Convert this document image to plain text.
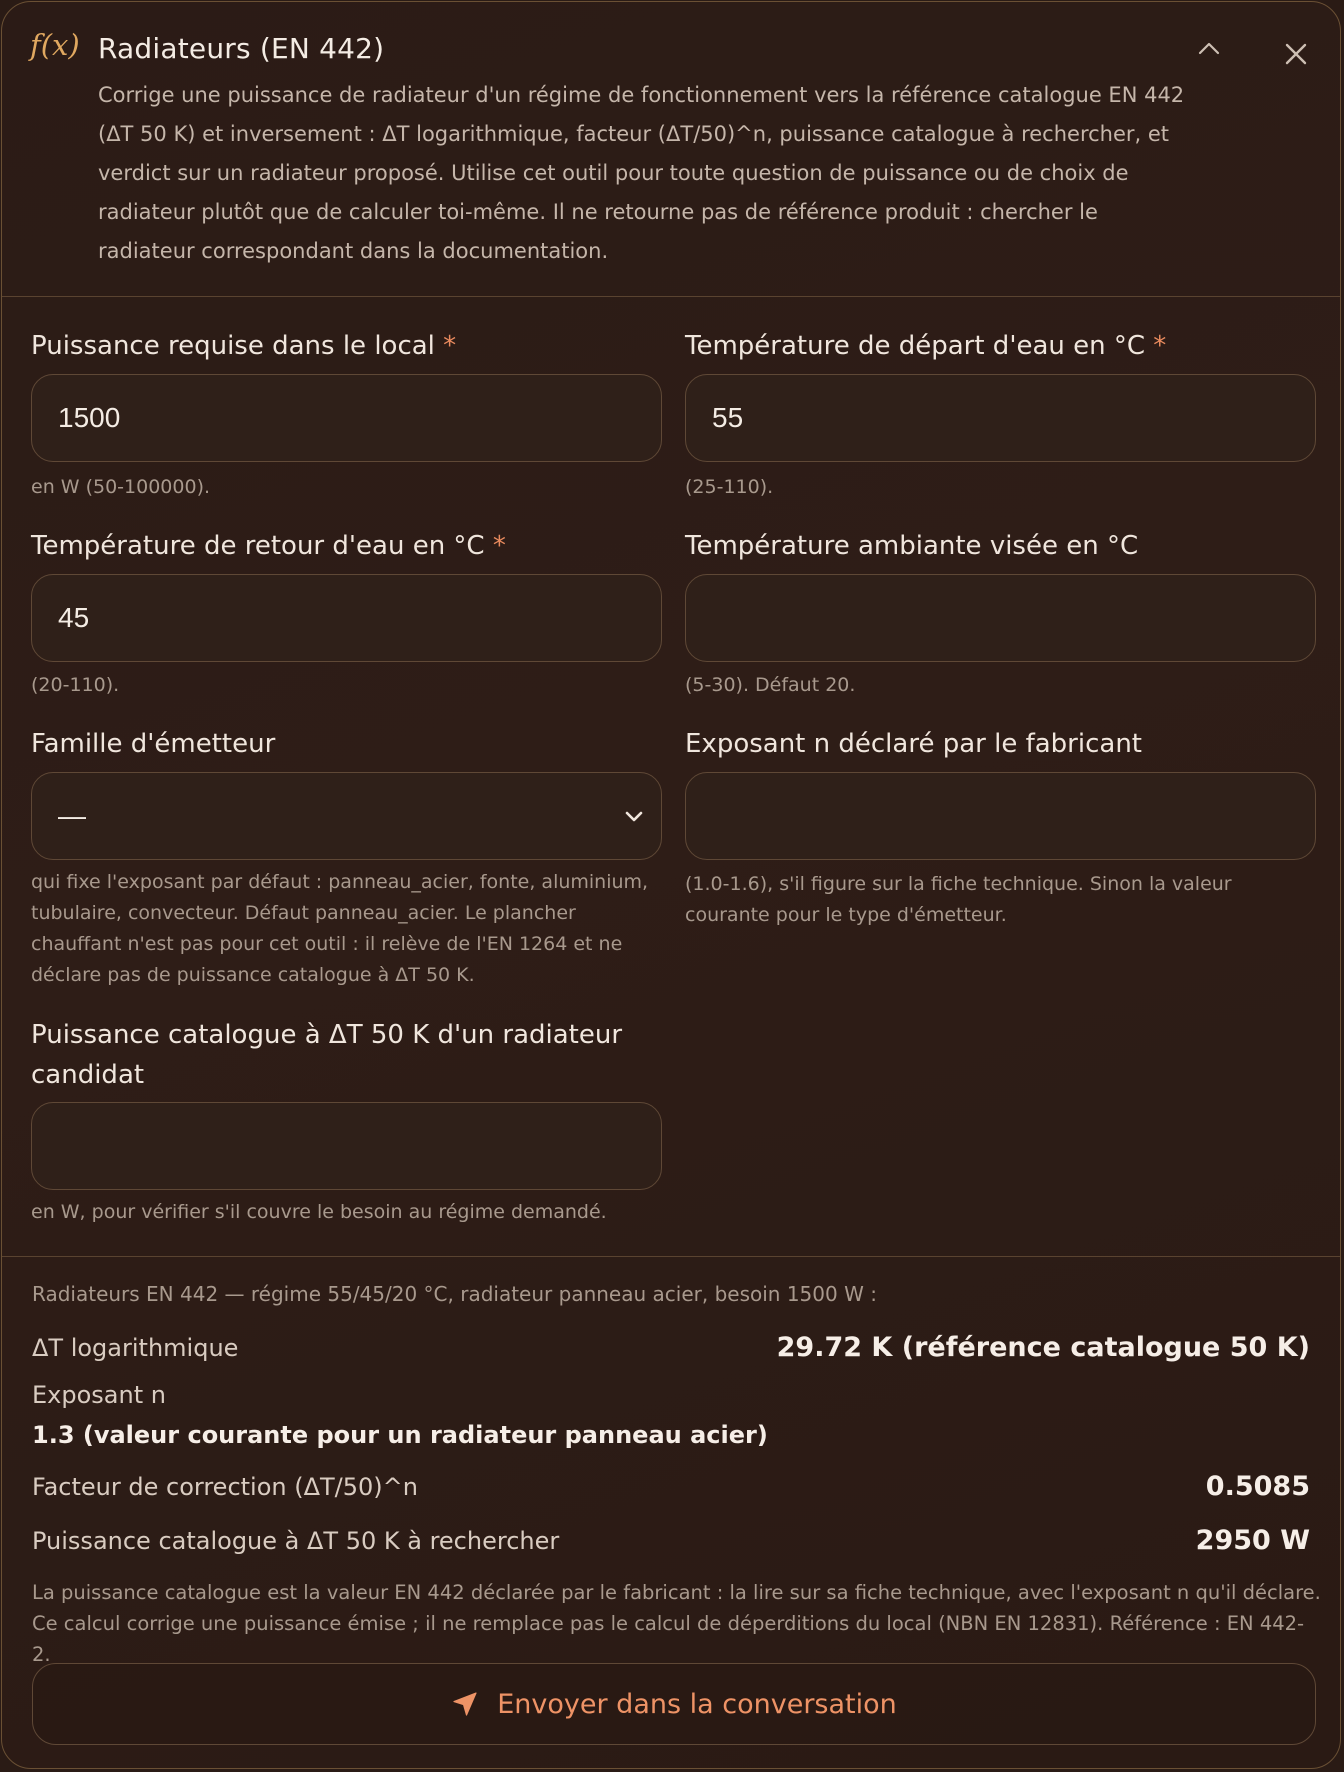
f(x) Radiateurs (EN 442)
Corrige une puissance de radiateur d'un régime de fonctionnement vers la référence catalogue EN 442 (ΔT 50 K) et inversement : ΔT logarithmique, facteur (ΔT/50)^n, puissance catalogue à rechercher, et verdict sur un radiateur proposé. Utilise cet outil pour toute question de puissance ou de choix de radiateur plutôt que de calculer toi-même. Il ne retourne pas de référence produit : chercher le radiateur correspondant dans la documentation.
Puissance requise dans le local *
1500
en W (50-100000).
Température de départ d'eau en °C *
55
(25-110).
Température de retour d'eau en °C *
45
(20-110).
Température ambiante visée en °C
(5-30). Défaut 20.
Famille d'émetteur
—
qui fixe l'exposant par défaut : panneau_acier, fonte, aluminium, tubulaire, convecteur. Défaut panneau_acier. Le plancher chauffant n'est pas pour cet outil : il relève de l'EN 1264 et ne déclare pas de puissance catalogue à ΔT 50 K.
Exposant n déclaré par le fabricant
(1.0-1.6), s'il figure sur la fiche technique. Sinon la valeur courante pour le type d'émetteur.
Puissance catalogue à ΔT 50 K d'un radiateur candidat
en W, pour vérifier s'il couvre le besoin au régime demandé.
Radiateurs EN 442 — régime 55/45/20 °C, radiateur panneau acier, besoin 1500 W :
ΔT logarithmique	29.72 K (référence catalogue 50 K)
Exposant n
1.3 (valeur courante pour un radiateur panneau acier)
Facteur de correction (ΔT/50)^n	0.5085
Puissance catalogue à ΔT 50 K à rechercher	2950 W
La puissance catalogue est la valeur EN 442 déclarée par le fabricant : la lire sur sa fiche technique, avec l'exposant n qu'il déclare. Ce calcul corrige une puissance émise ; il ne remplace pas le calcul de déperditions du local (NBN EN 12831). Référence : EN 442-2.
Envoyer dans la conversation
